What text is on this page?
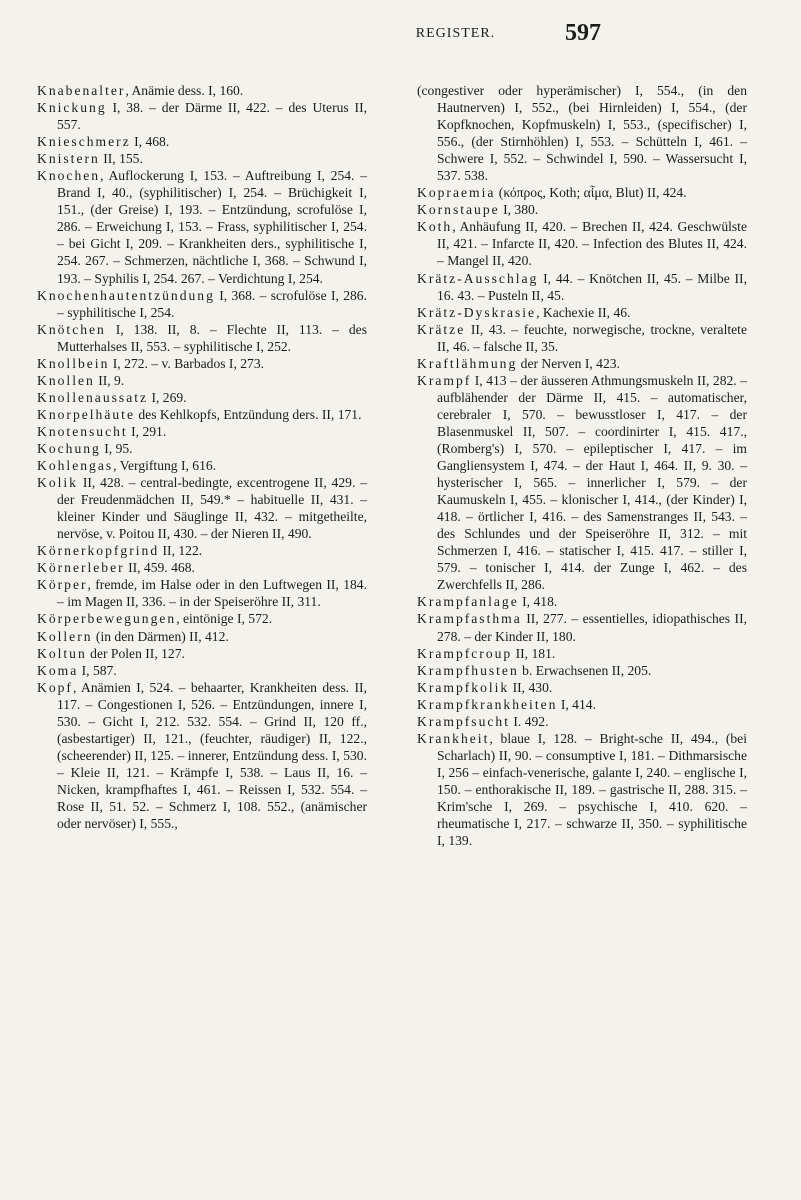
REGISTER.	597

Knabenalter, Anämie dess. I, 160.

Knickung I, 38. – der Därme II, 422. – des Uterus II, 557.

Knieschmerz I, 468.

Knistern II, 155.

Knochen, Auflockerung I, 153. – Auftreibung I, 254. – Brand I, 40., (syphilitischer) I, 254. – Brüchigkeit I, 151., (der Greise) I, 193. – Entzündung, scrofulöse I, 286. – Erweichung I, 153. – Frass, syphilitischer I, 254. – bei Gicht I, 209. – Krankheiten ders., syphilitische I, 254. 267. – Schmerzen, nächtliche I, 368. – Schwund I, 193. – Syphilis I, 254. 267. – Verdichtung I, 254.

Knochenhautentzündung I, 368. – scrofulöse I, 286. – syphilitische I, 254.

Knötchen I, 138. II, 8. – Flechte II, 113. – des Mutterhalses II, 553. – syphilitische I, 252.

Knollbein I, 272. – v. Barbados I, 273.

Knollen II, 9.

Knollenaussatz I, 269.

Knorpelhäute des Kehlkopfs, Entzündung ders. II, 171.

Knotensucht I, 291.

Kochung I, 95.

Kohlengas, Vergiftung I, 616.

Kolik II, 428. – central-bedingte, excentrogene II, 429. – der Freudenmädchen II, 549.* – habituelle II, 431. – kleiner Kinder und Säuglinge II, 432. – mitgetheilte, nervöse, v. Poitou II, 430. – der Nieren II, 490.

Körnerkopfgrind II, 122.

Körnerleber II, 459. 468.

Körper, fremde, im Halse oder in den Luftwegen II, 184. – im Magen II, 336. – in der Speiseröhre II, 311.

Körperbewegungen, eintönige I, 572.

Kollern (in den Därmen) II, 412.

Koltun der Polen II, 127.

Koma I, 587.

Kopf, Anämien I, 524. – behaarter, Krankheiten dess. II, 117. – Congestionen I, 526. – Entzündungen, innere I, 530. – Gicht I, 212. 532. 554. – Grind II, 120 ff., (asbestartiger) II, 121., (feuchter, räudiger) II, 122., (scheerender) II, 125. – innerer, Entzündung dess. I, 530. – Kleie II, 121. – Krämpfe I, 538. – Laus II, 16. – Nicken, krampfhaftes I, 461. – Reissen I, 532. 554. – Rose II, 51. 52. – Schmerz I, 108. 552., (anämischer oder nervöser) I, 555.,

(congestiver oder hyperämischer) I, 554., (in den Hautnerven) I, 552., (bei Hirnleiden) I, 554., (der Kopfknochen, Kopfmuskeln) I, 553., (specifischer) I, 556., (der Stirnhöhlen) I, 553. – Schütteln I, 461. – Schwere I, 552. – Schwindel I, 590. – Wassersucht I, 537. 538.

Kopraemia (κόπρος, Koth; αἷμα, Blut) II, 424.

Kornstaupe I, 380.

Koth, Anhäufung II, 420. – Brechen II, 424. Geschwülste II, 421. – Infarcte II, 420. – Infection des Blutes II, 424. – Mangel II, 420.

Krätz-Ausschlag I, 44. – Knötchen II, 45. – Milbe II, 16. 43. – Pusteln II, 45.

Krätz-Dyskrasie, Kachexie II, 46.

Krätze II, 43. – feuchte, norwegische, trockne, veraltete II, 46. – falsche II, 35.

Kraftlähmung der Nerven I, 423.

Krampf I, 413 – der äusseren Athmungsmuskeln II, 282. – aufblähender der Därme II, 415. – automatischer, cerebraler I, 570. – bewusstloser I, 417. – der Blasenmuskel II, 507. – coordinirter I, 415. 417., (Romberg's) I, 570. – epileptischer I, 417. – im Gangliensystem I, 474. – der Haut I, 464. II, 9. 30. – hysterischer I, 565. – innerlicher I, 579. – der Kaumuskeln I, 455. – klonischer I, 414., (der Kinder) I, 418. – örtlicher I, 416. – des Samenstranges II, 543. – des Schlundes und der Speiseröhre II, 312. – mit Schmerzen I, 416. – statischer I, 415. 417. – stiller I, 579. – tonischer I, 414. der Zunge I, 462. – des Zwerchfells II, 286.

Krampfanlage I, 418.

Krampfasthma II, 277. – essentielles, idiopathisches II, 278. – der Kinder II, 180.

Krampfcroup II, 181.

Krampfhusten b. Erwachsenen II, 205.

Krampfkolik II, 430.

Krampfkrankheiten I, 414.

Krampfsucht I. 492.

Krankheit, blaue I, 128. – Bright-sche II, 494., (bei Scharlach) II, 90. – consumptive I, 181. – Dithmarsische I, 256 – einfach-venerische, galante I, 240. – englische I, 150. – enthorakische II, 189. – gastrische II, 288. 315. – Krim'sche I, 269. – psychische I, 410. 620. – rheumatische I, 217. – schwarze II, 350. – syphilitische I, 139.
